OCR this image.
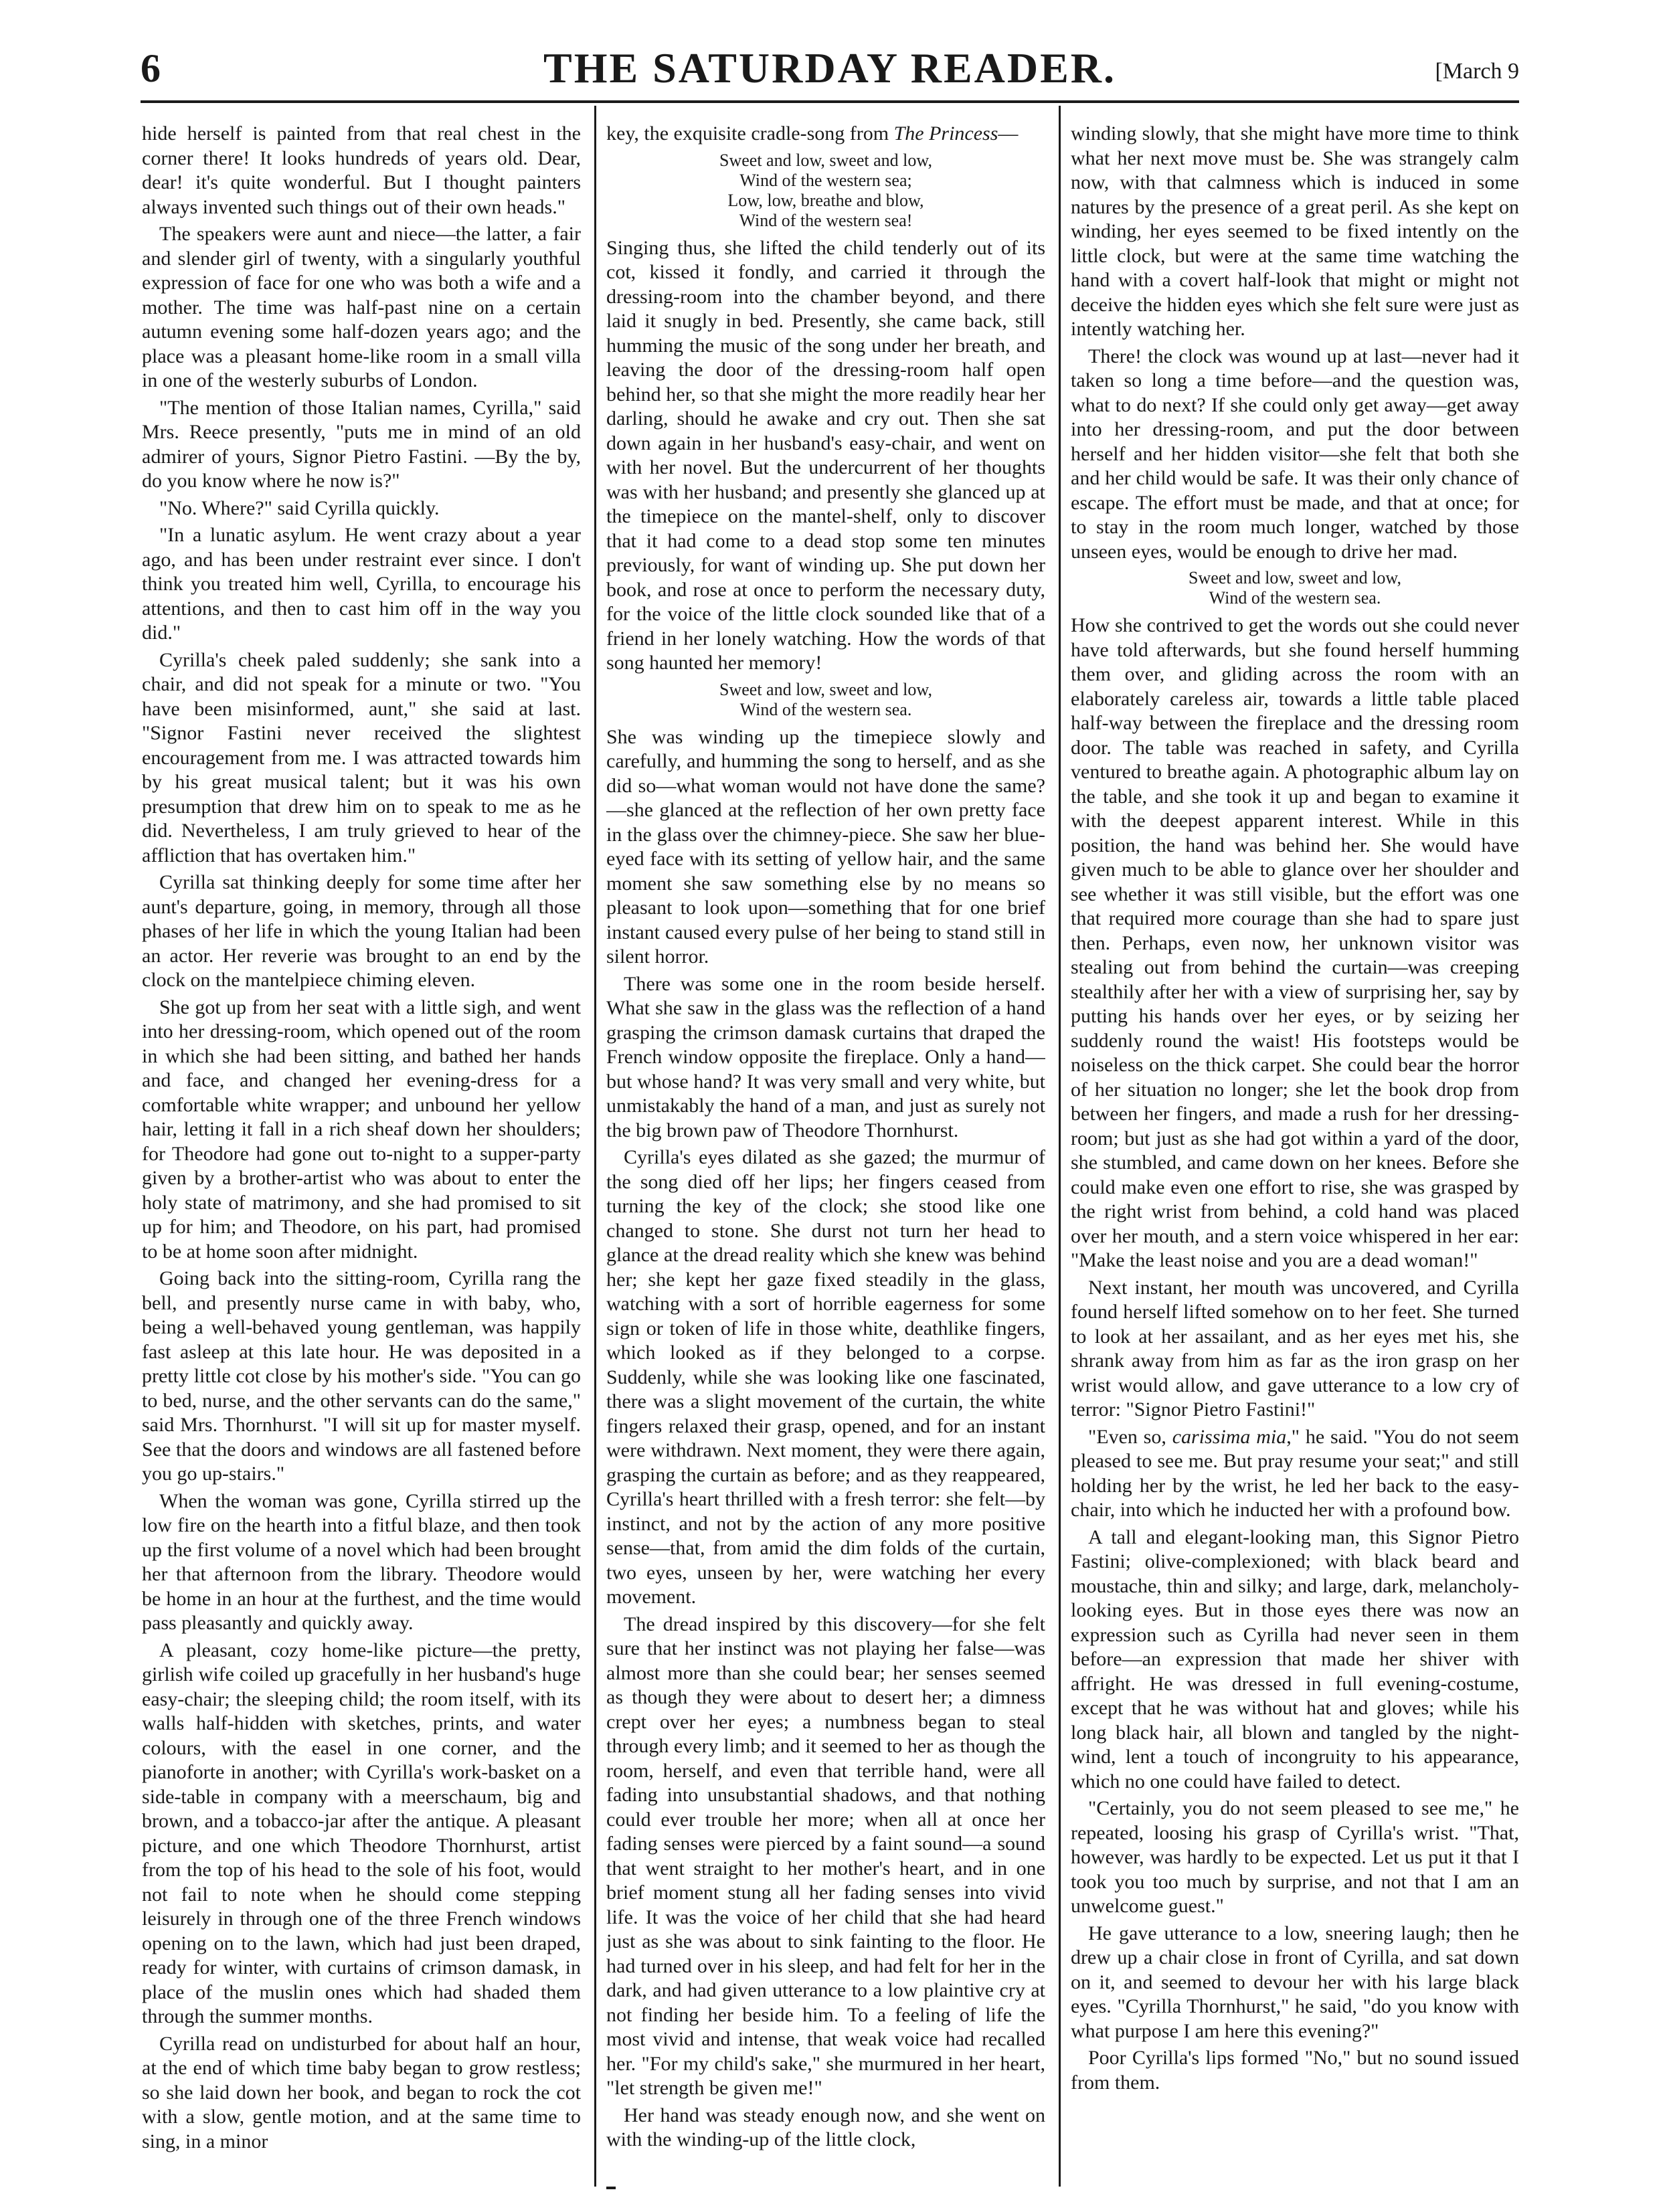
6	THE SATURDAY READER.	[March 9

hide herself is painted from that real chest in the corner there! It looks hundreds of years old. Dear, dear! it's quite wonderful. But I thought painters always invented such things out of their own heads."

The speakers were aunt and niece—the latter, a fair and slender girl of twenty, with a singularly youthful expression of face for one who was both a wife and a mother. The time was half-past nine on a certain autumn evening some half-dozen years ago; and the place was a pleasant home-like room in a small villa in one of the westerly suburbs of London.

"The mention of those Italian names, Cyrilla," said Mrs. Reece presently, "puts me in mind of an old admirer of yours, Signor Pietro Fastini. —By the by, do you know where he now is?"

"No. Where?" said Cyrilla quickly.

"In a lunatic asylum. He went crazy about a year ago, and has been under restraint ever since. I don't think you treated him well, Cyrilla, to encourage his attentions, and then to cast him off in the way you did."

Cyrilla's cheek paled suddenly; she sank into a chair, and did not speak for a minute or two. "You have been misinformed, aunt," she said at last. "Signor Fastini never received the slightest encouragement from me. I was attracted towards him by his great musical talent; but it was his own presumption that drew him on to speak to me as he did. Nevertheless, I am truly grieved to hear of the affliction that has overtaken him."

Cyrilla sat thinking deeply for some time after her aunt's departure, going, in memory, through all those phases of her life in which the young Italian had been an actor. Her reverie was brought to an end by the clock on the mantelpiece chiming eleven.

She got up from her seat with a little sigh, and went into her dressing-room, which opened out of the room in which she had been sitting, and bathed her hands and face, and changed her evening-dress for a comfortable white wrapper; and unbound her yellow hair, letting it fall in a rich sheaf down her shoulders; for Theodore had gone out to-night to a supper-party given by a brother-artist who was about to enter the holy state of matrimony, and she had promised to sit up for him; and Theodore, on his part, had promised to be at home soon after midnight.

Going back into the sitting-room, Cyrilla rang the bell, and presently nurse came in with baby, who, being a well-behaved young gentleman, was happily fast asleep at this late hour. He was deposited in a pretty little cot close by his mother's side. "You can go to bed, nurse, and the other servants can do the same," said Mrs. Thornhurst. "I will sit up for master myself. See that the doors and windows are all fastened before you go up-stairs."

When the woman was gone, Cyrilla stirred up the low fire on the hearth into a fitful blaze, and then took up the first volume of a novel which had been brought her that afternoon from the library. Theodore would be home in an hour at the furthest, and the time would pass pleasantly and quickly away.

A pleasant, cozy home-like picture—the pretty, girlish wife coiled up gracefully in her husband's huge easy-chair; the sleeping child; the room itself, with its walls half-hidden with sketches, prints, and water colours, with the easel in one corner, and the pianoforte in another; with Cyrilla's work-basket on a side-table in company with a meerschaum, big and brown, and a tobacco-jar after the antique. A pleasant picture, and one which Theodore Thornhurst, artist from the top of his head to the sole of his foot, would not fail to note when he should come stepping leisurely in through one of the three French windows opening on to the lawn, which had just been draped, ready for winter, with curtains of crimson damask, in place of the muslin ones which had shaded them through the summer months.

Cyrilla read on undisturbed for about half an hour, at the end of which time baby began to grow restless; so she laid down her book, and began to rock the cot with a slow, gentle motion, and at the same time to sing, in a minor

key, the exquisite cradle-song from The Princess—

Sweet and low, sweet and low,
Wind of the western sea;
Low, low, breathe and blow,
Wind of the western sea!

Singing thus, she lifted the child tenderly out of its cot, kissed it fondly, and carried it through the dressing-room into the chamber beyond, and there laid it snugly in bed. Presently, she came back, still humming the music of the song under her breath, and leaving the door of the dressing-room half open behind her, so that she might the more readily hear her darling, should he awake and cry out. Then she sat down again in her husband's easy-chair, and went on with her novel. But the undercurrent of her thoughts was with her husband; and presently she glanced up at the timepiece on the mantel-shelf, only to discover that it had come to a dead stop some ten minutes previously, for want of winding up. She put down her book, and rose at once to perform the necessary duty, for the voice of the little clock sounded like that of a friend in her lonely watching. How the words of that song haunted her memory!

Sweet and low, sweet and low,
Wind of the western sea.

She was winding up the timepiece slowly and carefully, and humming the song to herself, and as she did so—what woman would not have done the same?—she glanced at the reflection of her own pretty face in the glass over the chimney-piece. She saw her blue-eyed face with its setting of yellow hair, and the same moment she saw something else by no means so pleasant to look upon—something that for one brief instant caused every pulse of her being to stand still in silent horror.

There was some one in the room beside herself. What she saw in the glass was the reflection of a hand grasping the crimson damask curtains that draped the French window opposite the fireplace. Only a hand—but whose hand? It was very small and very white, but unmistakably the hand of a man, and just as surely not the big brown paw of Theodore Thornhurst.

Cyrilla's eyes dilated as she gazed; the murmur of the song died off her lips; her fingers ceased from turning the key of the clock; she stood like one changed to stone. She durst not turn her head to glance at the dread reality which she knew was behind her; she kept her gaze fixed steadily in the glass, watching with a sort of horrible eagerness for some sign or token of life in those white, deathlike fingers, which looked as if they belonged to a corpse. Suddenly, while she was looking like one fascinated, there was a slight movement of the curtain, the white fingers relaxed their grasp, opened, and for an instant were withdrawn. Next moment, they were there again, grasping the curtain as before; and as they reappeared, Cyrilla's heart thrilled with a fresh terror: she felt—by instinct, and not by the action of any more positive sense—that, from amid the dim folds of the curtain, two eyes, unseen by her, were watching her every movement.

The dread inspired by this discovery—for she felt sure that her instinct was not playing her false—was almost more than she could bear; her senses seemed as though they were about to desert her; a dimness crept over her eyes; a numbness began to steal through every limb; and it seemed to her as though the room, herself, and even that terrible hand, were all fading into unsubstantial shadows, and that nothing could ever trouble her more; when all at once her fading senses were pierced by a faint sound—a sound that went straight to her mother's heart, and in one brief moment stung all her fading senses into vivid life. It was the voice of her child that she had heard just as she was about to sink fainting to the floor. He had turned over in his sleep, and had felt for her in the dark, and had given utterance to a low plaintive cry at not finding her beside him. To a feeling of life the most vivid and intense, that weak voice had recalled her. "For my child's sake," she murmured in her heart, "let strength be given me!"

Her hand was steady enough now, and she went on with the winding-up of the little clock,

winding slowly, that she might have more time to think what her next move must be. She was strangely calm now, with that calmness which is induced in some natures by the presence of a great peril. As she kept on winding, her eyes seemed to be fixed intently on the little clock, but were at the same time watching the hand with a covert half-look that might or might not deceive the hidden eyes which she felt sure were just as intently watching her.

There! the clock was wound up at last—never had it taken so long a time before—and the question was, what to do next? If she could only get away—get away into her dressing-room, and put the door between herself and her hidden visitor—she felt that both she and her child would be safe. It was their only chance of escape. The effort must be made, and that at once; for to stay in the room much longer, watched by those unseen eyes, would be enough to drive her mad.

Sweet and low, sweet and low,
Wind of the western sea.

How she contrived to get the words out she could never have told afterwards, but she found herself humming them over, and gliding across the room with an elaborately careless air, towards a little table placed half-way between the fireplace and the dressing room door. The table was reached in safety, and Cyrilla ventured to breathe again. A photographic album lay on the table, and she took it up and began to examine it with the deepest apparent interest. While in this position, the hand was behind her. She would have given much to be able to glance over her shoulder and see whether it was still visible, but the effort was one that required more courage than she had to spare just then. Perhaps, even now, her unknown visitor was stealing out from behind the curtain—was creeping stealthily after her with a view of surprising her, say by putting his hands over her eyes, or by seizing her suddenly round the waist! His footsteps would be noiseless on the thick carpet. She could bear the horror of her situation no longer; she let the book drop from between her fingers, and made a rush for her dressing-room; but just as she had got within a yard of the door, she stumbled, and came down on her knees. Before she could make even one effort to rise, she was grasped by the right wrist from behind, a cold hand was placed over her mouth, and a stern voice whispered in her ear: "Make the least noise and you are a dead woman!"

Next instant, her mouth was uncovered, and Cyrilla found herself lifted somehow on to her feet. She turned to look at her assailant, and as her eyes met his, she shrank away from him as far as the iron grasp on her wrist would allow, and gave utterance to a low cry of terror: "Signor Pietro Fastini!"

"Even so, carissima mia," he said. "You do not seem pleased to see me. But pray resume your seat;" and still holding her by the wrist, he led her back to the easy-chair, into which he inducted her with a profound bow.

A tall and elegant-looking man, this Signor Pietro Fastini; olive-complexioned; with black beard and moustache, thin and silky; and large, dark, melancholy-looking eyes. But in those eyes there was now an expression such as Cyrilla had never seen in them before—an expression that made her shiver with affright. He was dressed in full evening-costume, except that he was without hat and gloves; while his long black hair, all blown and tangled by the night-wind, lent a touch of incongruity to his appearance, which no one could have failed to detect.

"Certainly, you do not seem pleased to see me," he repeated, loosing his grasp of Cyrilla's wrist. "That, however, was hardly to be expected. Let us put it that I took you too much by surprise, and not that I am an unwelcome guest."

He gave utterance to a low, sneering laugh; then he drew up a chair close in front of Cyrilla, and sat down on it, and seemed to devour her with his large black eyes. "Cyrilla Thornhurst," he said, "do you know with what purpose I am here this evening?"

Poor Cyrilla's lips formed "No," but no sound issued from them.
